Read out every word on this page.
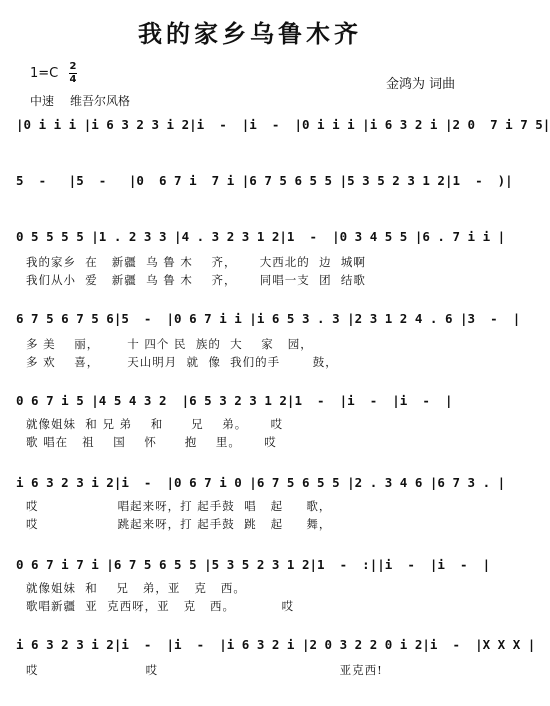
我的家乡乌鲁木齐
1=C 2
4
中速 维吾尔风格
金鸿为 词曲
|0 i i i |i 6 3 2 3 i 2|i  -  |i  -  |0 i i i |i 6 3 2 i |2 0  7 i 7 5|
5  -   |5  -   |0  6 7 i  7 i |6 7 5 6 5 5 |5 3 5 2 3 1 2|1  -  )|
0 5 5 5 5 |1 . 2 3 3 |4 . 3 2 3 1 2|1  -  |0 3 4 5 5 |6 . 7 i i |
我的家乡  在   新疆  乌 鲁 木    齐，     大西北的  边  城啊
我们从小  爱   新疆  乌 鲁 木    齐，     同唱一支  团  结歌
6 7 5 6 7 5 6|5  -  |0 6 7 i i |i 6 5 3 . 3 |2 3 1 2 4 . 6 |3  -  |
多 美    丽，      十 四个 民  族的  大    家   园，
多 欢    喜，      天山明月  就  像  我们的手       鼓，
0 6 7 i 5 |4 5 4 3 2  |6 5 3 2 3 1 2|1  -  |i  -  |i  -  |
就像姐妹  和 兄 弟    和      兄    弟。     哎
歌 唱在   祖    国    怀      抱    里。     哎
i 6 3 2 3 i 2|i  -  |0 6 7 i 0 |6 7 5 6 5 5 |2 . 3 4 6 |6 7 3 . |
哎                 唱起来呀，打 起手鼓  唱   起     歌，
哎                 跳起来呀，打 起手鼓  跳   起     舞，
0 6 7 i 7 i |6 7 5 6 5 5 |5 3 5 2 3 1 2|1  -  :||i  -  |i  -  |
就像姐妹  和    兄   弟，亚   克   西。
歌唱新疆  亚  克西呀，亚   克   西。          哎
i 6 3 2 3 i 2|i  -  |i  -  |i 6 3 2 i |2 0 3 2 2 0 i 2|i  -  |X X X |
哎                       哎                                       亚克西!
